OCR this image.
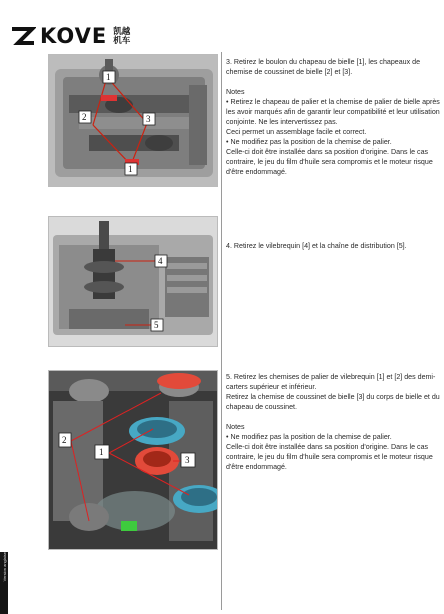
KOVE 凯越
机车
1
2	3
1
4
5
2
1
3

3. Retirez le boulon du chapeau de bielle [1], les chapeaux de chemise de coussinet de bielle [2] et [3].

Notes

• Retirez le chapeau de palier et la chemise de palier de bielle après les avoir marqués afin de garantir leur compatibilité et leur utilisation conjointe. Ne les intervertissez pas.

Ceci permet un assemblage facile et correct.

• Ne modifiez pas la position de la chemise de palier.

Celle-ci doit être installée dans sa position d'origine. Dans le cas contraire, le jeu du film d'huile sera compromis et le moteur risque d'être endommagé.

4. Retirez le vilebrequin [4] et la chaîne de distribution [5].

5. Retirez les chemises de palier de vilebrequin [1] et [2] des demi-carters supérieur et inférieur.

Retirez la chemise de coussinet de bielle [3] du corps de bielle et du chapeau de coussinet.

Notes

• Ne modifiez pas la position de la chemise de palier.

Celle-ci doit être installée dans sa position d'origine. Dans le cas contraire, le jeu du film d'huile sera compromis et le moteur risque d'être endommagé.

Version anglaise
